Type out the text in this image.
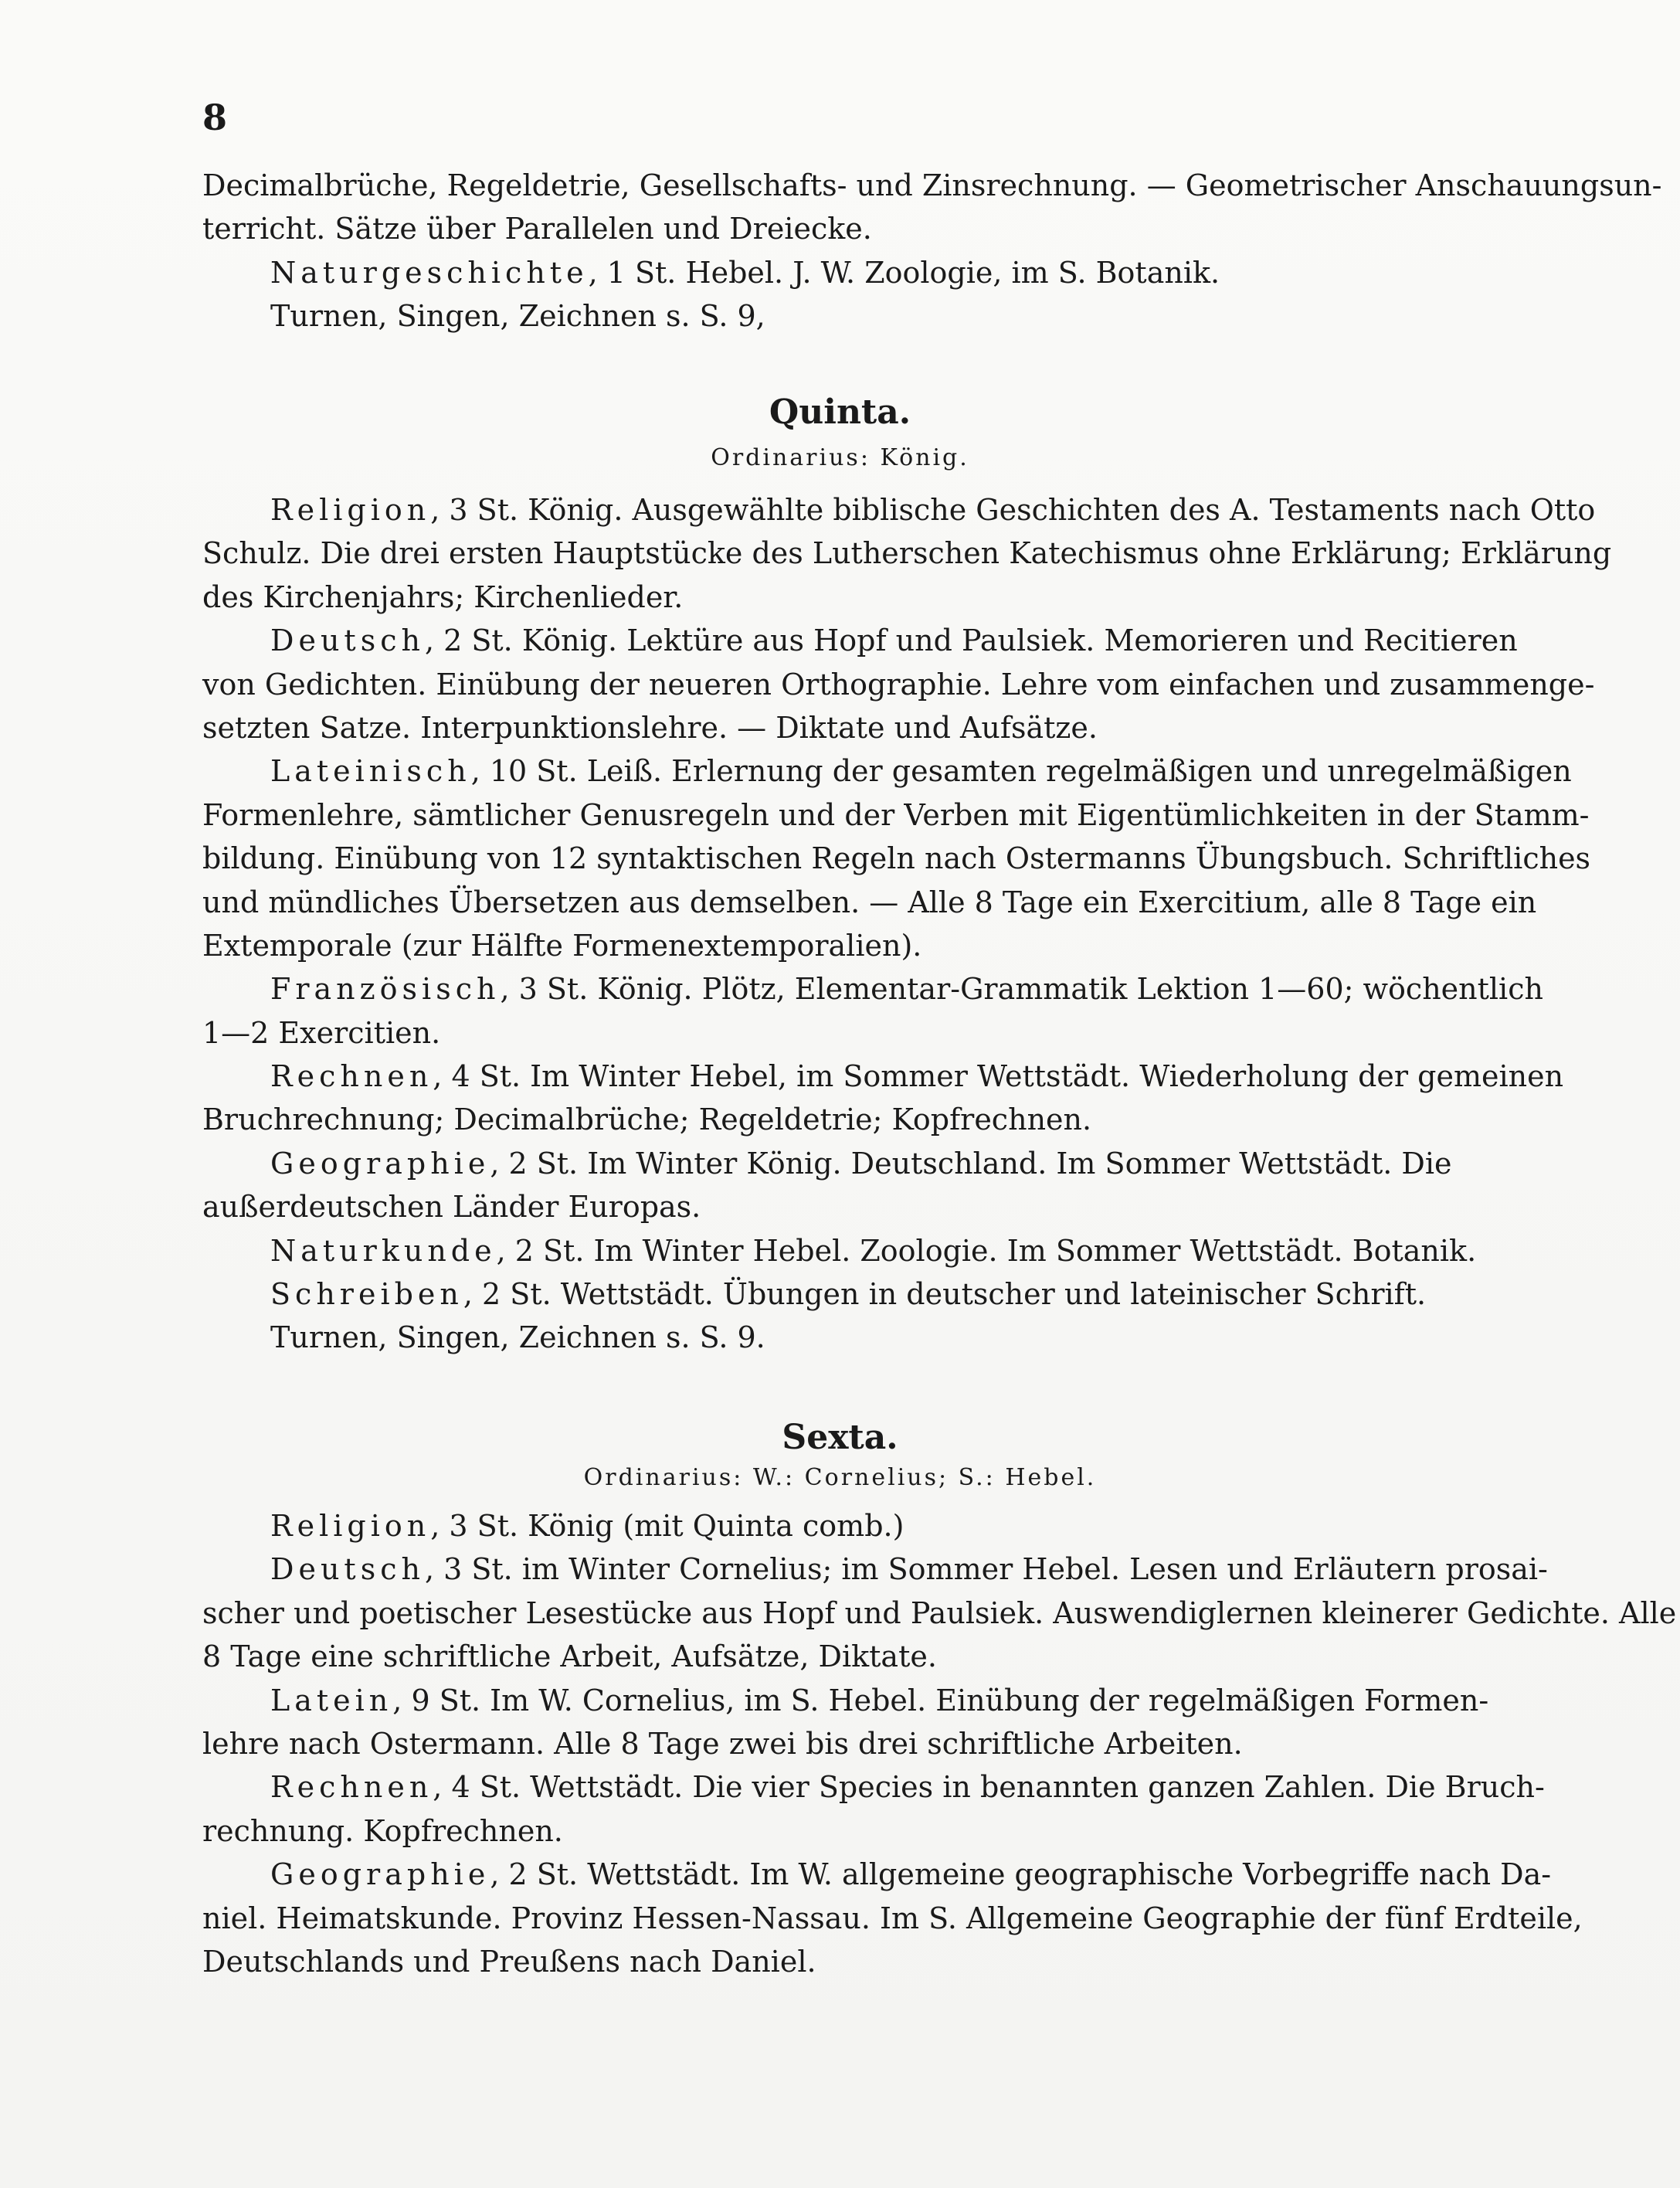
8
Decimalbrüche, Regeldetrie, Gesellschafts- und Zinsrechnung. — Geometrischer Anschauungsun-
terricht. Sätze über Parallelen und Dreiecke.
Naturgeschichte, 1 St. Hebel. J. W. Zoologie, im S. Botanik.
Turnen, Singen, Zeichnen s. S. 9,
Quinta.
Ordinarius: König.
Religion, 3 St. König. Ausgewählte biblische Geschichten des A. Testaments nach Otto
Schulz. Die drei ersten Hauptstücke des Lutherschen Katechismus ohne Erklärung; Erklärung
des Kirchenjahrs; Kirchenlieder.
Deutsch, 2 St. König. Lektüre aus Hopf und Paulsiek. Memorieren und Recitieren
von Gedichten. Einübung der neueren Orthographie. Lehre vom einfachen und zusammenge-
setzten Satze. Interpunktionslehre. — Diktate und Aufsätze.
Lateinisch, 10 St. Leiß. Erlernung der gesamten regelmäßigen und unregelmäßigen
Formenlehre, sämtlicher Genusregeln und der Verben mit Eigentümlichkeiten in der Stamm-
bildung. Einübung von 12 syntaktischen Regeln nach Ostermanns Übungsbuch. Schriftliches
und mündliches Übersetzen aus demselben. — Alle 8 Tage ein Exercitium, alle 8 Tage ein
Extemporale (zur Hälfte Formenextemporalien).
Französisch, 3 St. König. Plötz, Elementar-Grammatik Lektion 1—60; wöchentlich
1—2 Exercitien.
Rechnen, 4 St. Im Winter Hebel, im Sommer Wettstädt. Wiederholung der gemeinen
Bruchrechnung; Decimalbrüche; Regeldetrie; Kopfrechnen.
Geographie, 2 St. Im Winter König. Deutschland. Im Sommer Wettstädt. Die
außerdeutschen Länder Europas.
Naturkunde, 2 St. Im Winter Hebel. Zoologie. Im Sommer Wettstädt. Botanik.
Schreiben, 2 St. Wettstädt. Übungen in deutscher und lateinischer Schrift.
Turnen, Singen, Zeichnen s. S. 9.
Sexta.
Ordinarius: W.: Cornelius; S.: Hebel.
Religion, 3 St. König (mit Quinta comb.)
Deutsch, 3 St. im Winter Cornelius; im Sommer Hebel. Lesen und Erläutern prosai-
scher und poetischer Lesestücke aus Hopf und Paulsiek. Auswendiglernen kleinerer Gedichte. Alle
8 Tage eine schriftliche Arbeit, Aufsätze, Diktate.
Latein, 9 St. Im W. Cornelius, im S. Hebel. Einübung der regelmäßigen Formen-
lehre nach Ostermann. Alle 8 Tage zwei bis drei schriftliche Arbeiten.
Rechnen, 4 St. Wettstädt. Die vier Species in benannten ganzen Zahlen. Die Bruch-
rechnung. Kopfrechnen.
Geographie, 2 St. Wettstädt. Im W. allgemeine geographische Vorbegriffe nach Da-
niel. Heimatskunde. Provinz Hessen-Nassau. Im S. Allgemeine Geographie der fünf Erdteile,
Deutschlands und Preußens nach Daniel.
